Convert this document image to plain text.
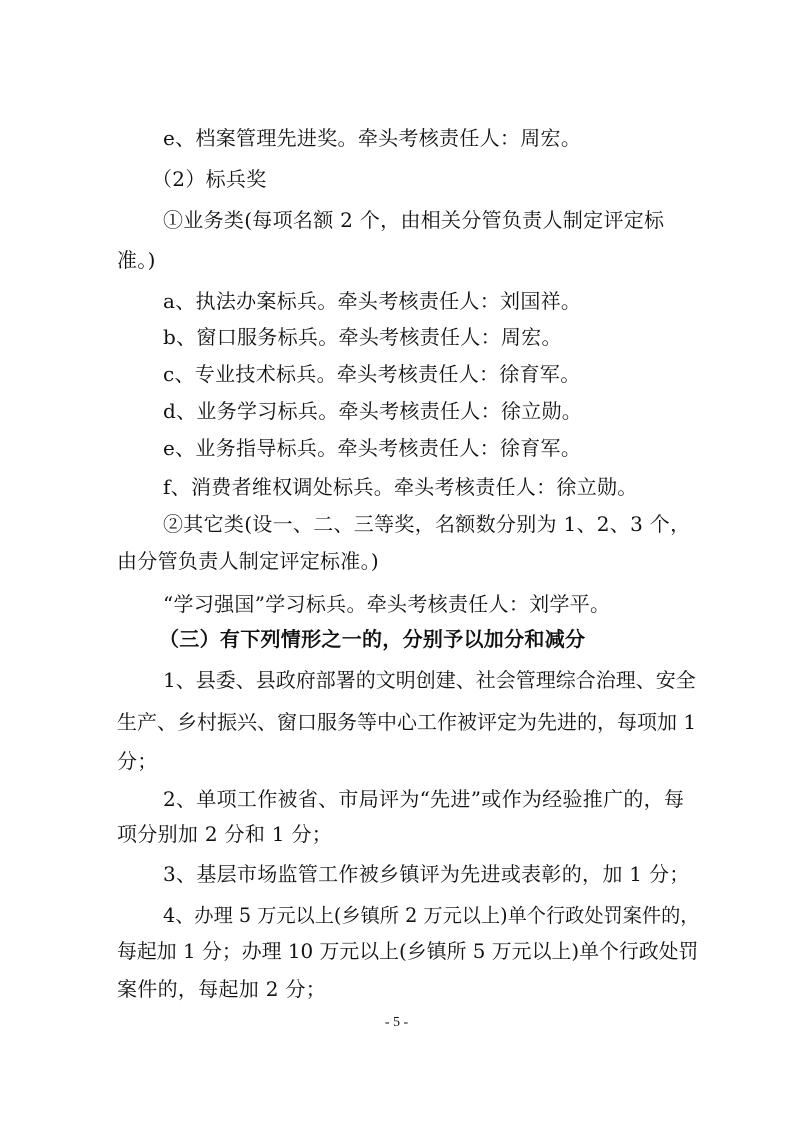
e、档案管理先进奖。牵头考核责任人：周宏。
（2）标兵奖
①业务类(每项名额 2 个，由相关分管负责人制定评定标
准。)
a、执法办案标兵。牵头考核责任人：刘国祥。
b、窗口服务标兵。牵头考核责任人：周宏。
c、专业技术标兵。牵头考核责任人：徐育军。
d、业务学习标兵。牵头考核责任人：徐立勋。
e、业务指导标兵。牵头考核责任人：徐育军。
f、消费者维权调处标兵。牵头考核责任人：徐立勋。
②其它类(设一、二、三等奖，名额数分别为 1、2、3 个，
由分管负责人制定评定标准。)
“学习强国”学习标兵。牵头考核责任人：刘学平。
（三）有下列情形之一的，分别予以加分和减分
1、县委、县政府部署的文明创建、社会管理综合治理、安全
生产、乡村振兴、窗口服务等中心工作被评定为先进的，每项加 1
分；
2、单项工作被省、市局评为“先进”或作为经验推广的，每
项分别加 2 分和 1 分；
3、基层市场监管工作被乡镇评为先进或表彰的，加 1 分；
4、办理 5 万元以上(乡镇所 2 万元以上)单个行政处罚案件的，
每起加 1 分；办理 10 万元以上(乡镇所 5 万元以上)单个行政处罚
案件的，每起加 2 分；
- 5 -
